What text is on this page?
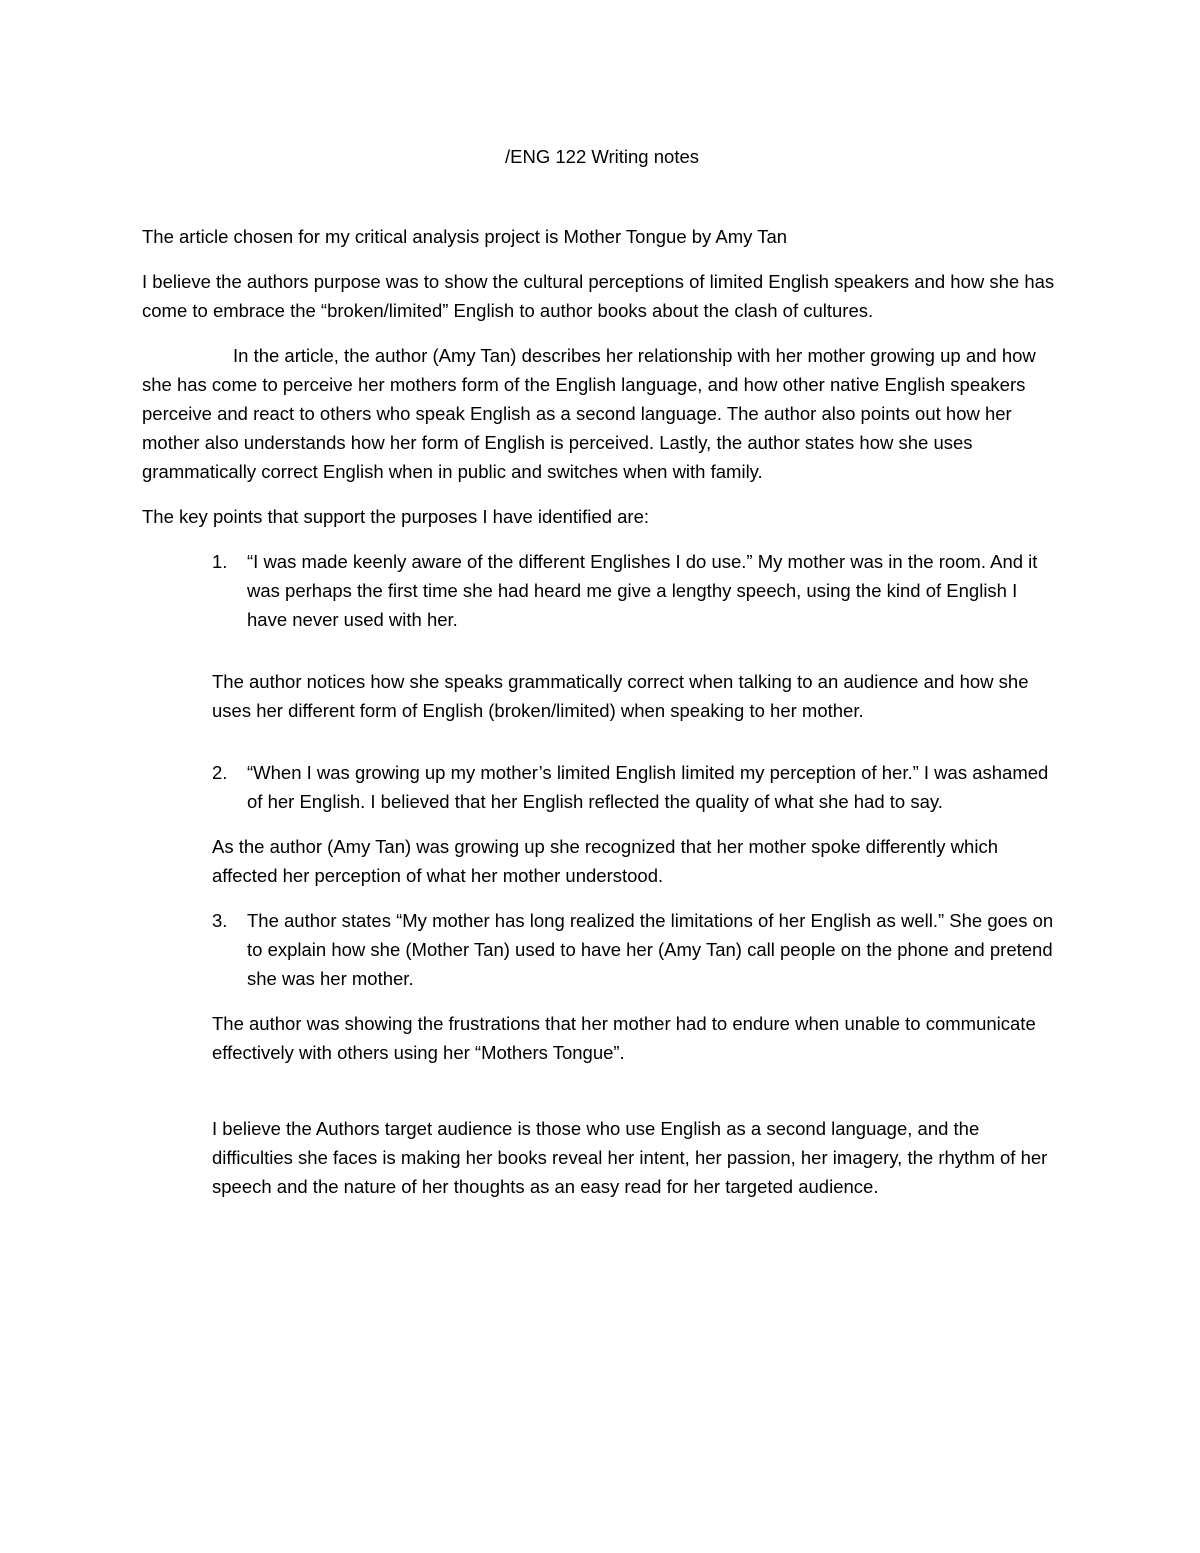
/ENG 122 Writing notes

The article chosen for my critical analysis project is Mother Tongue by Amy Tan

I believe the authors purpose was to show the cultural perceptions of limited English speakers and how she has come to embrace the “broken/limited” English to author books about the clash of cultures.

In the article, the author (Amy Tan) describes her relationship with her mother growing up and how she has come to perceive her mothers form of the English language, and how other native English speakers perceive and react to others who speak English as a second language. The author also points out how her mother also understands how her form of English is perceived. Lastly, the author states how she uses grammatically correct English when in public and switches when with family.

The key points that support the purposes I have identified are:

1. “I was made keenly aware of the different Englishes I do use.” My mother was in the room. And it was perhaps the first time she had heard me give a lengthy speech, using the kind of English I have never used with her.

The author notices how she speaks grammatically correct when talking to an audience and how she uses her different form of English (broken/limited) when speaking to her mother.

2. “When I was growing up my mother’s limited English limited my perception of her.” I was ashamed of her English. I believed that her English reflected the quality of what she had to say.

As the author (Amy Tan) was growing up she recognized that her mother spoke differently which affected her perception of what her mother understood.

3. The author states “My mother has long realized the limitations of her English as well.” She goes on to explain how she (Mother Tan) used to have her (Amy Tan) call people on the phone and pretend she was her mother.

The author was showing the frustrations that her mother had to endure when unable to communicate effectively with others using her “Mothers Tongue”.

I believe the Authors target audience is those who use English as a second language, and the difficulties she faces is making her books reveal her intent, her passion, her imagery, the rhythm of her speech and the nature of her thoughts as an easy read for her targeted audience.
